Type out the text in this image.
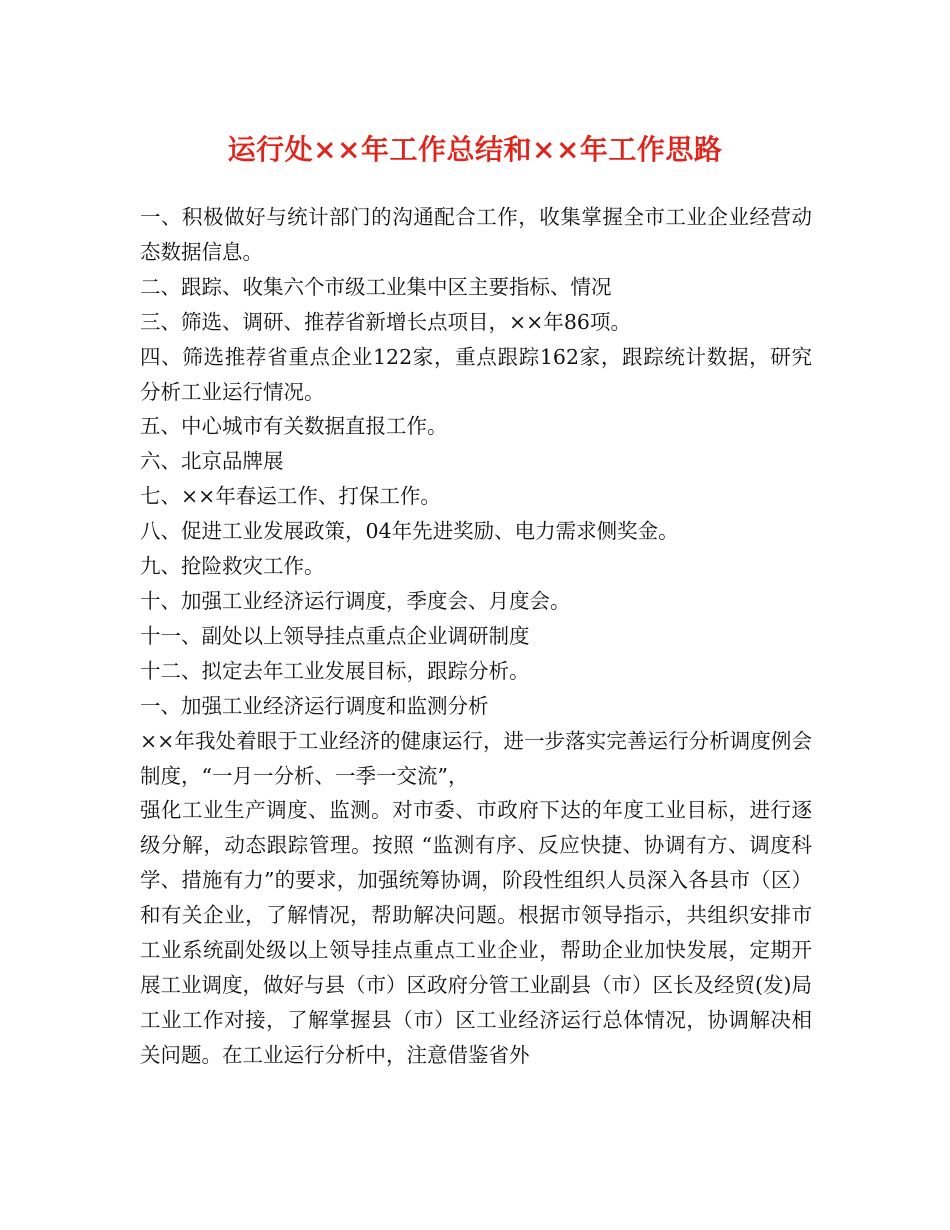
运行处××年工作总结和××年工作思路

一、积极做好与统计部门的沟通配合工作，收集掌握全市工业企业经营动态数据信息。

二、跟踪、收集六个市级工业集中区主要指标、情况

三、筛选、调研、推荐省新增长点项目，××年86项。

四、筛选推荐省重点企业122家，重点跟踪162家，跟踪统计数据，研究分析工业运行情况。

五、中心城市有关数据直报工作。

六、北京品牌展

七、××年春运工作、打保工作。

八、促进工业发展政策，04年先进奖励、电力需求侧奖金。

九、抢险救灾工作。

十、加强工业经济运行调度，季度会、月度会。

十一、副处以上领导挂点重点企业调研制度

十二、拟定去年工业发展目标，跟踪分析。

一、加强工业经济运行调度和监测分析

××年我处着眼于工业经济的健康运行，进一步落实完善运行分析调度例会制度，“一月一分析、一季一交流”，

强化工业生产调度、监测。对市委、市政府下达的年度工业目标，进行逐级分解，动态跟踪管理。按照 “监测有序、反应快捷、协调有方、调度科学、措施有力”的要求，加强统筹协调，阶段性组织人员深入各县市（区）和有关企业，了解情况，帮助解决问题。根据市领导指示，共组织安排市工业系统副处级以上领导挂点重点工业企业，帮助企业加快发展，定期开展工业调度，做好与县（市）区政府分管工业副县（市）区长及经贸(发)局工业工作对接，了解掌握县（市）区工业经济运行总体情况，协调解决相关问题。在工业运行分析中，注意借鉴省外
